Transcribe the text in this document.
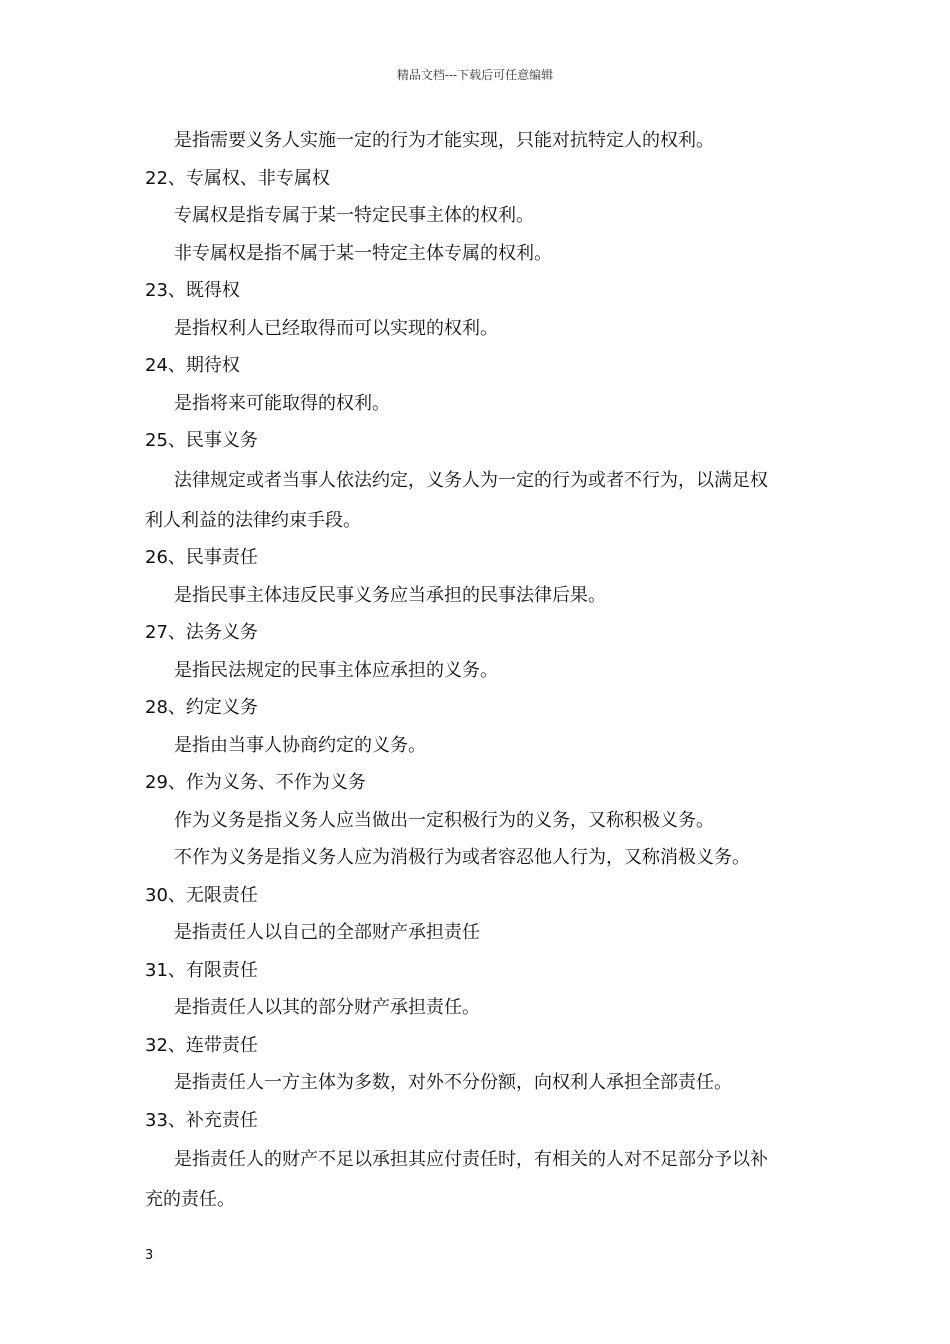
精品文档---下载后可任意编辑
是指需要义务人实施一定的行为才能实现，只能对抗特定人的权利。
22、专属权、非专属权
专属权是指专属于某一特定民事主体的权利。
非专属权是指不属于某一特定主体专属的权利。
23、既得权
是指权利人已经取得而可以实现的权利。
24、期待权
是指将来可能取得的权利。
25、民事义务
法律规定或者当事人依法约定，义务人为一定的行为或者不行为，以满足权
利人利益的法律约束手段。
26、民事责任
是指民事主体违反民事义务应当承担的民事法律后果。
27、法务义务
是指民法规定的民事主体应承担的义务。
28、约定义务
是指由当事人协商约定的义务。
29、作为义务、不作为义务
作为义务是指义务人应当做出一定积极行为的义务，又称积极义务。
不作为义务是指义务人应为消极行为或者容忍他人行为，又称消极义务。
30、无限责任
是指责任人以自己的全部财产承担责任
31、有限责任
是指责任人以其的部分财产承担责任。
32、连带责任
是指责任人一方主体为多数，对外不分份额，向权利人承担全部责任。
33、补充责任
是指责任人的财产不足以承担其应付责任时，有相关的人对不足部分予以补
充的责任。
3
